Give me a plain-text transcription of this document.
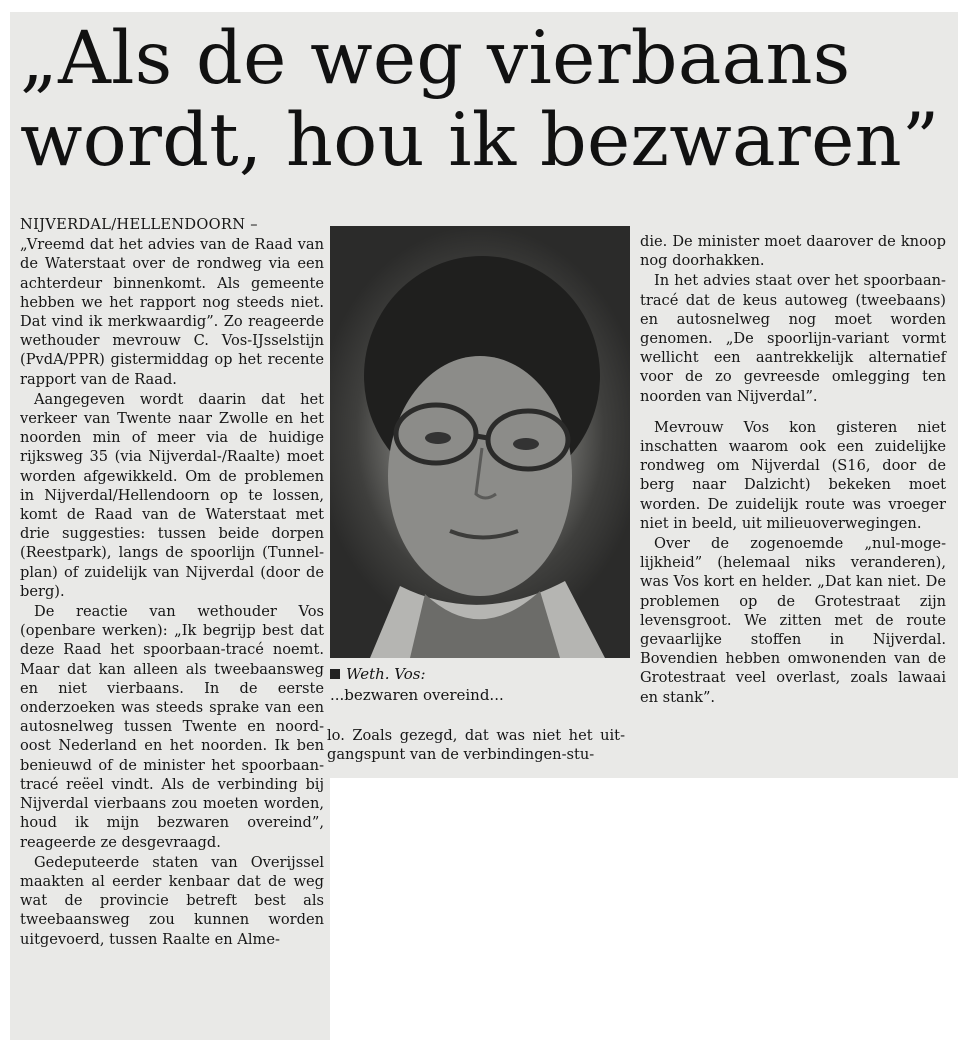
„Als de weg vierbaans
wordt, hou ik bezwaren”

NIJVERDAL/HELLENDOORN –

„Vreemd dat het advies van de Raad van de Waterstaat over de rondweg via een achterdeur binnenkomt. Als gemeente hebben we het rapport nog steeds niet. Dat vind ik merkwaardig”. Zo reageerde wethouder mevrouw C. Vos-IJsselstijn (PvdA/PPR) gistermiddag op het recente rapport van de Raad.

Aangegeven wordt daarin dat het verkeer van Twente naar Zwolle en het noorden min of meer via de huidige rijksweg 35 (via Nijverdal-/Raalte) moet worden afgewikkeld. Om de problemen in Nijverdal/Hellendoorn op te lossen, komt de Raad van de Waterstaat met drie suggesties: tussen beide dorpen (Reestpark), langs de spoorlijn (Tunnelplan) of zuidelijk van Nijverdal (door de berg).

De reactie van wethouder Vos (openbare werken): „Ik begrijp best dat deze Raad het spoorbaan-tracé noemt. Maar dat kan alleen als tweebaansweg en niet vierbaans. In de eerste onderzoeken was steeds sprake van een autosnelweg tussen Twente en noord-oost Nederland en het noorden. Ik ben benieuwd of de minister het spoorbaan-tracé reëel vindt. Als de verbinding bij Nijverdal vierbaans zou moeten worden, houd ik mijn bezwaren overeind”, reageerde ze desgevraagd.

Gedeputeerde staten van Overijssel maakten al eerder kenbaar dat de weg wat de provincie betreft best als tweebaansweg zou kunnen worden uitgevoerd, tussen Raalte en Alme-

Weth. Vos:
...bezwaren overeind...

lo. Zoals gezegd, dat was niet het uitgangspunt van de verbindingen-stu-

die. De minister moet daarover de knoop nog doorhakken.

In het advies staat over het spoorbaan-tracé dat de keus autoweg (tweebaans) en autosnelweg nog moet worden genomen. „De spoorlijn-variant vormt wellicht een aantrekkelijk alternatief voor de zo gevreesde omlegging ten noorden van Nijverdal”.

Mevrouw Vos kon gisteren niet inschatten waarom ook een zuidelijke rondweg om Nijverdal (S16, door de berg naar Dalzicht) bekeken moet worden. De zuidelijk route was vroeger niet in beeld, uit milieuoverwegingen.

Over de zogenoemde „nul-mogelijkheid” (helemaal niks veranderen), was Vos kort en helder. „Dat kan niet. De problemen op de Grotestraat zijn levensgroot. We zitten met de route gevaarlijke stoffen in Nijverdal. Bovendien hebben omwonenden van de Grotestraat veel overlast, zoals lawaai en stank”.
